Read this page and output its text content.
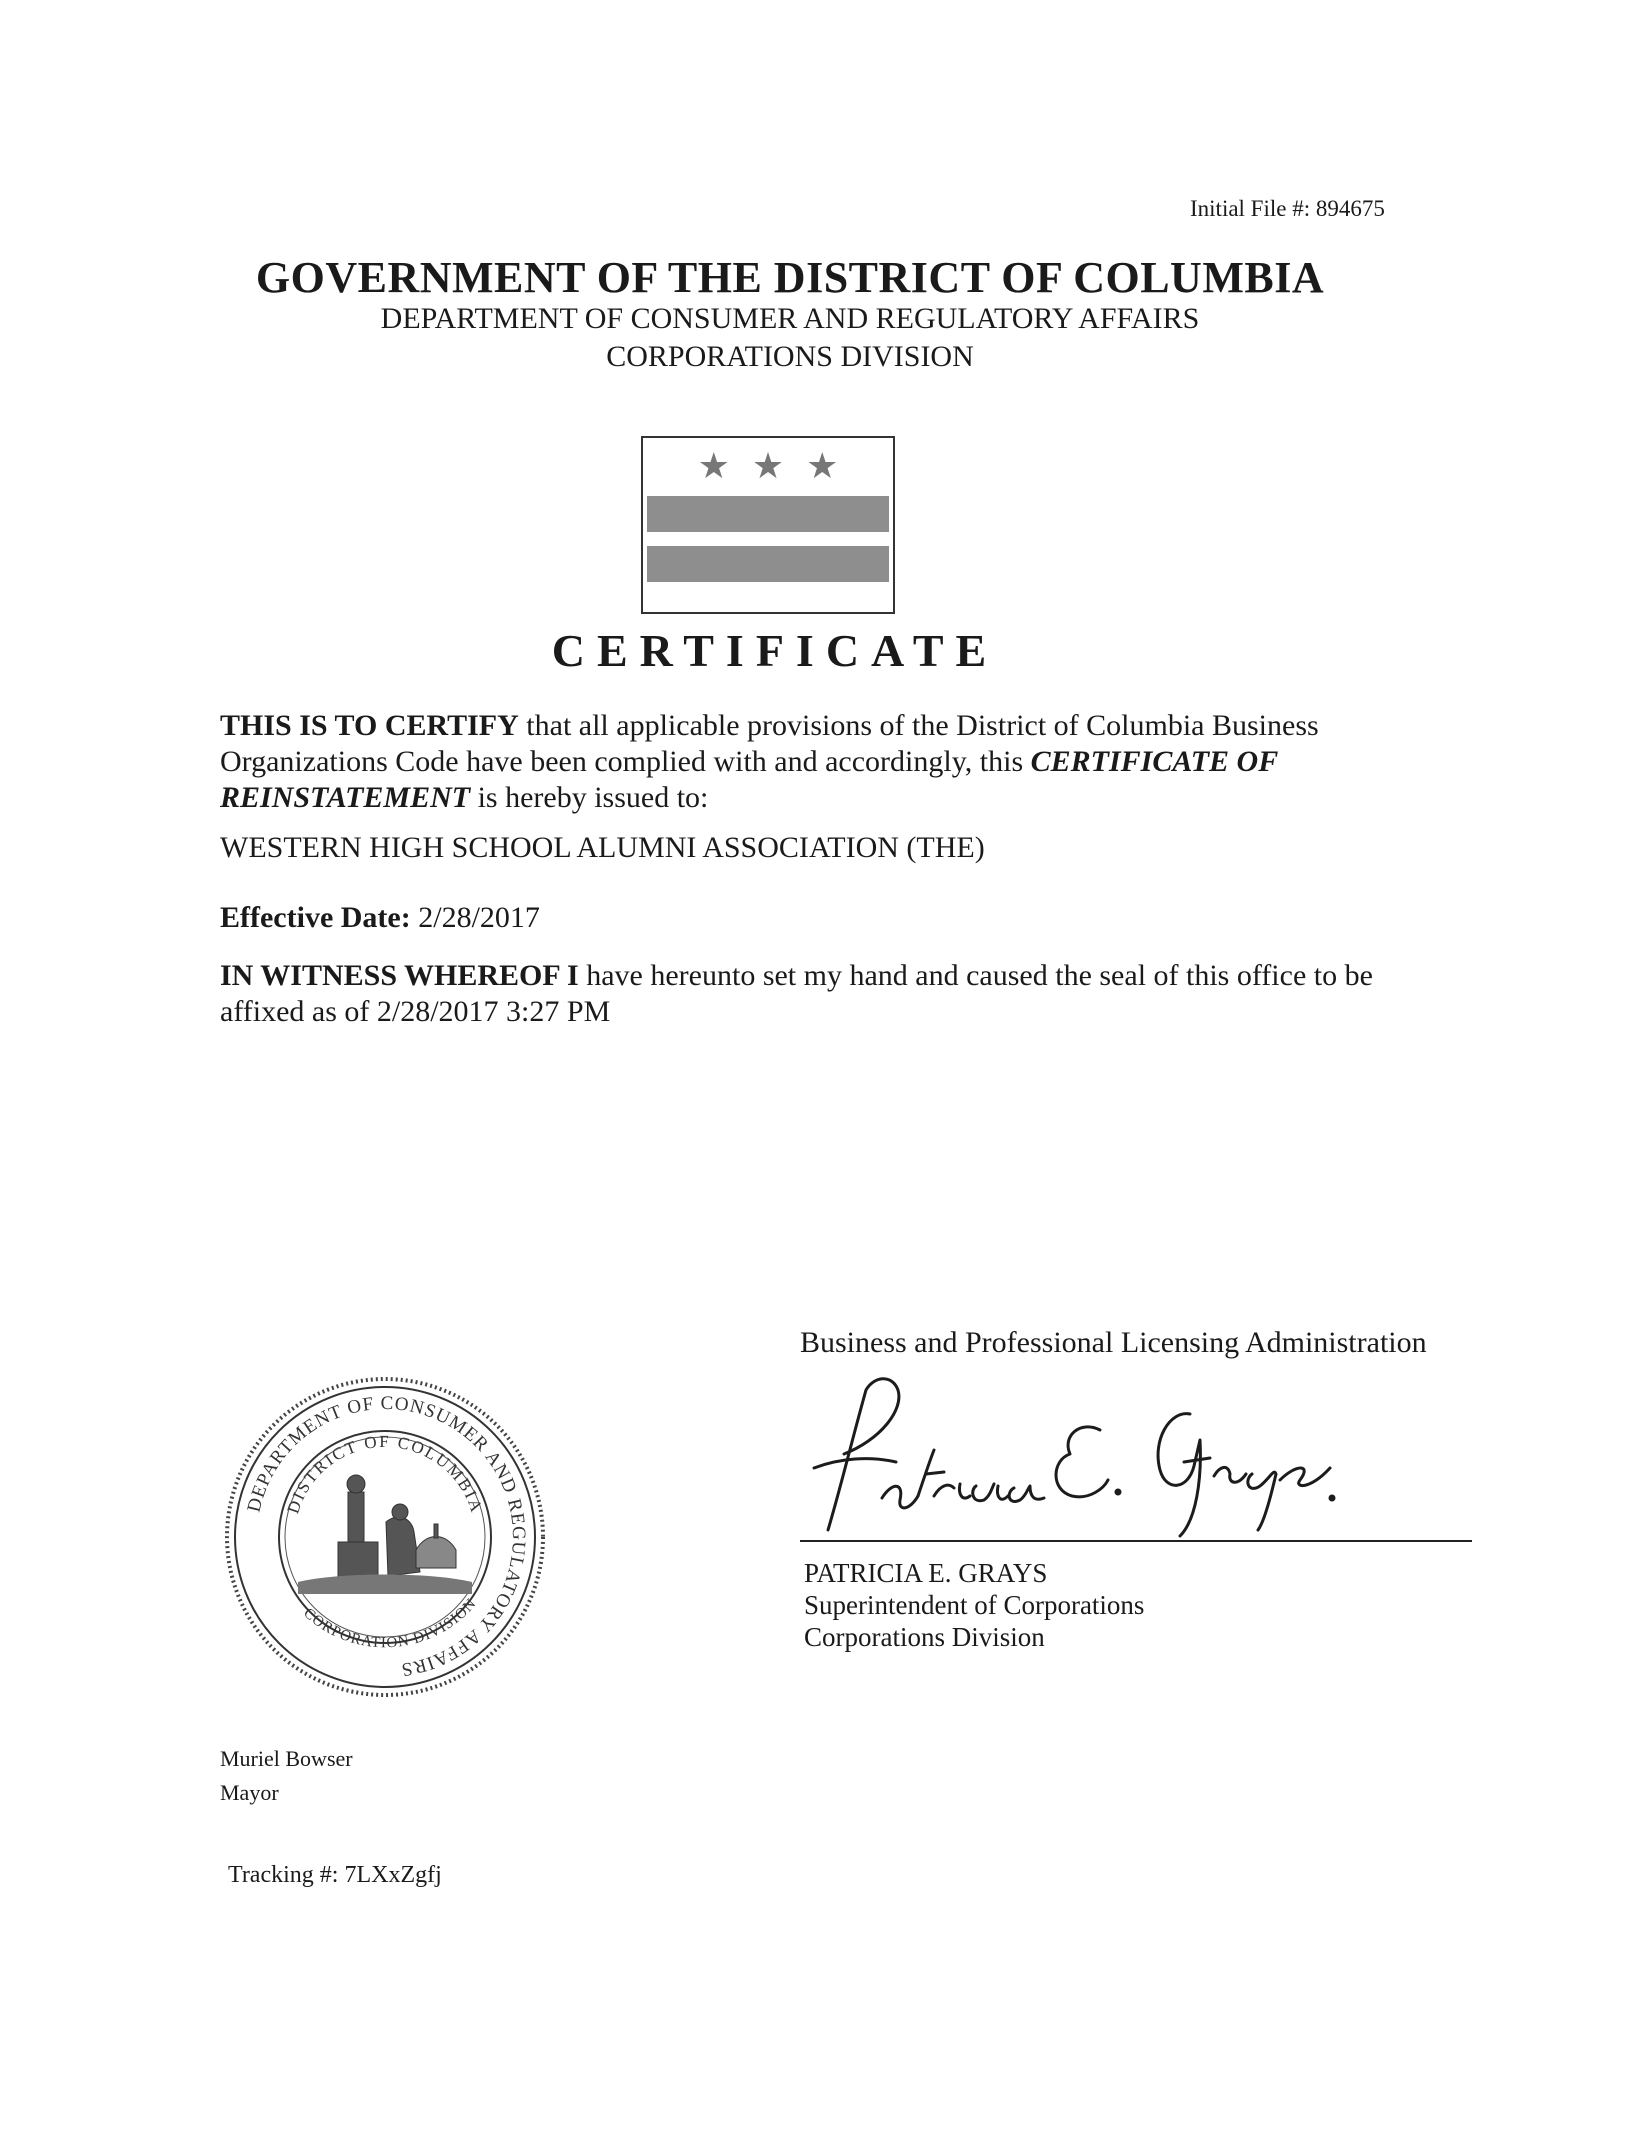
Initial File #: 894675
GOVERNMENT OF THE DISTRICT OF COLUMBIA
DEPARTMENT OF CONSUMER AND REGULATORY AFFAIRS
CORPORATIONS DIVISION
★★★
CERTIFICATE
THIS IS TO CERTIFY that all applicable provisions of the District of Columbia Business Organizations Code have been complied with and accordingly, this CERTIFICATE OF REINSTATEMENT is hereby issued to:
WESTERN HIGH SCHOOL ALUMNI ASSOCIATION (THE)
Effective Date: 2/28/2017
IN WITNESS WHEREOF I have hereunto set my hand and caused the seal of this office to be affixed as of 2/28/2017 3:27 PM
Business and Professional Licensing Administration
PATRICIA E. GRAYS
Superintendent of Corporations
Corporations Division
DEPARTMENT OF CONSUMER AND REGULATORY AFFAIRS
DISTRICT OF COLUMBIA
CORPORATION DIVISION
Muriel Bowser
Mayor
Tracking #: 7LXxZgfj
